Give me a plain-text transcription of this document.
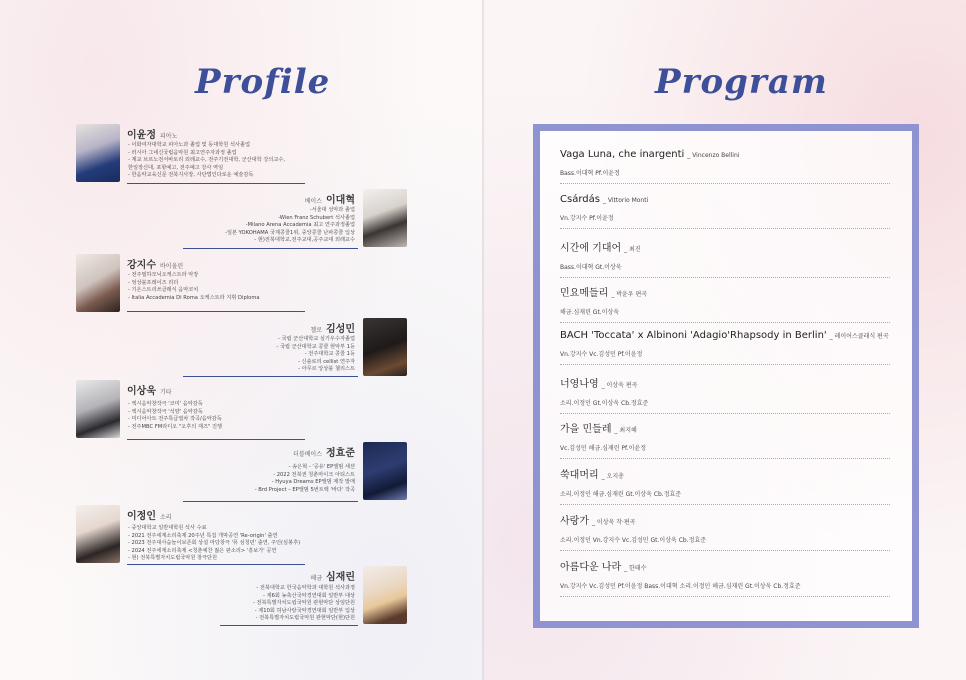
Profile	Program
이윤정 피아노
- 이화여자대학교 피아노과 졸업 및 동대학원 석사졸업
- 러시아 그네신국립음악원 최고연주자과정 졸업
- 계교 브르노전서바토리 외래교수, 전주기전대학, 군산대학 강의교수,
한일장신대, 포항예고, 전주예고 강사 역임
- 한음악교육신문 전북지사장, 사단법인다로운 예술감독
베이스 이대혁
-서울대 성악과 졸업
-Wien Franz Schubert 석사졸업
-Milano Arena Accademia 최고 연주과정졸업
-일본 YOKOHAMA 국제콩쿨1위, 중앙콩쿨 난파콩쿨 입상
- 현)전북대학교,전주교대,공주교대 외래교수
강지수 바이올린
- 전주필하모닉오케스트라 악장
- 엉상블프레이즈 리더
- 기온스트리쓰클래식 음악코치
- Italia Accademia Di Roma 오케스트라 지휘 Diploma
첼로 김성민
- 국립 군산대학교 실기우수자졸업
- 국립 군산대학교 콩쿨 현악부 1등
- 전주대학교 콩쿨 1등
- 신솔로리 cellist 연주자
- 아무르 앙상블 첼리스트
이상욱 기타
- 엑시음악창작극 '코미' 음악감독
- 엑시음악창작극 '석양' 음악감독
- 미디어아트 전주특급열차 작곡/음악감독
- 전주MBC FM라디오 "오후의 재즈" 진행
더블베이스 정효준
- 송은혁 - '공유' EP앨범 세션
- 2022 전북권 청춘마이크 아티스트
- Hyuya Dreams EP앨범 제작 발매
- Brd Project – EP앨범 5번트랙 '바다' 작곡
이정인 소리
- 중앙대학교 일반대학원 석사 수료
- 2021 전주세계소리축제 20주년 특집 개막공연 'Re-origin' 출연
- 2023 전주대사습놀이보존회 상설 마당창극 '퓨 심청뎐' 출연, 주인(심봉후)
- 2024 전주세계소리축제 <청춘예찬 젊은 판소리> '흥보가' 공연
- 현) 전북특별자치도립국악원 창극단원
해금 심재린
- 전북대학교 한국음악학과 대학원 석사과정
- 제6회 농축산국악경연대회 일반부 대상
- 전북특별자치도립국악원 관현악단 상임단원
- 제10회 허남사랑국악경연대회 일반부 입상
- 전북특별자치도립국악원 관현악단(현)단원
Vaga Luna, che inargenti _ Vincenzo Bellini
Bass.이대혁 Pf.이윤정
Csárdás _ Vittorio Monti
Vn.강지수 Pf.이윤정
시간에 기대어 _ 최진
Bass.이대혁 Gt.이상욱
민요메들리 _ 박윤우 편곡
해금.심재린 Gt.이상욱
BACH 'Toccata' x Albinoni 'Adagio'Rhapsody in Berlin' _ 레이어스클래식 편곡
Vn.강지수 Vc.김성민 Pf.이윤정
너영나영 _ 이상욱 편곡
소리.이정인 Gt.이상욱 Cb.정효준
가을 민들레 _ 최지혜
Vc.김성민 해금.심재린 Pf.이윤정
쑥대머리 _ 오지총
소리.이정인 해금.심재린 Gt.이상욱 Cb.정효준
사랑가 _ 이상욱 작·편곡
소리.이정인 Vn.강지수 Vc.김성민 Gt.이상욱 Cb.정효준
아름다운 나라 _ 한태수
Vn.강지수 Vc.김성민 Pf.이윤정 Bass.이대혁 소리.이정인 해금.심재린 Gt.이상욱 Cb.정효준
